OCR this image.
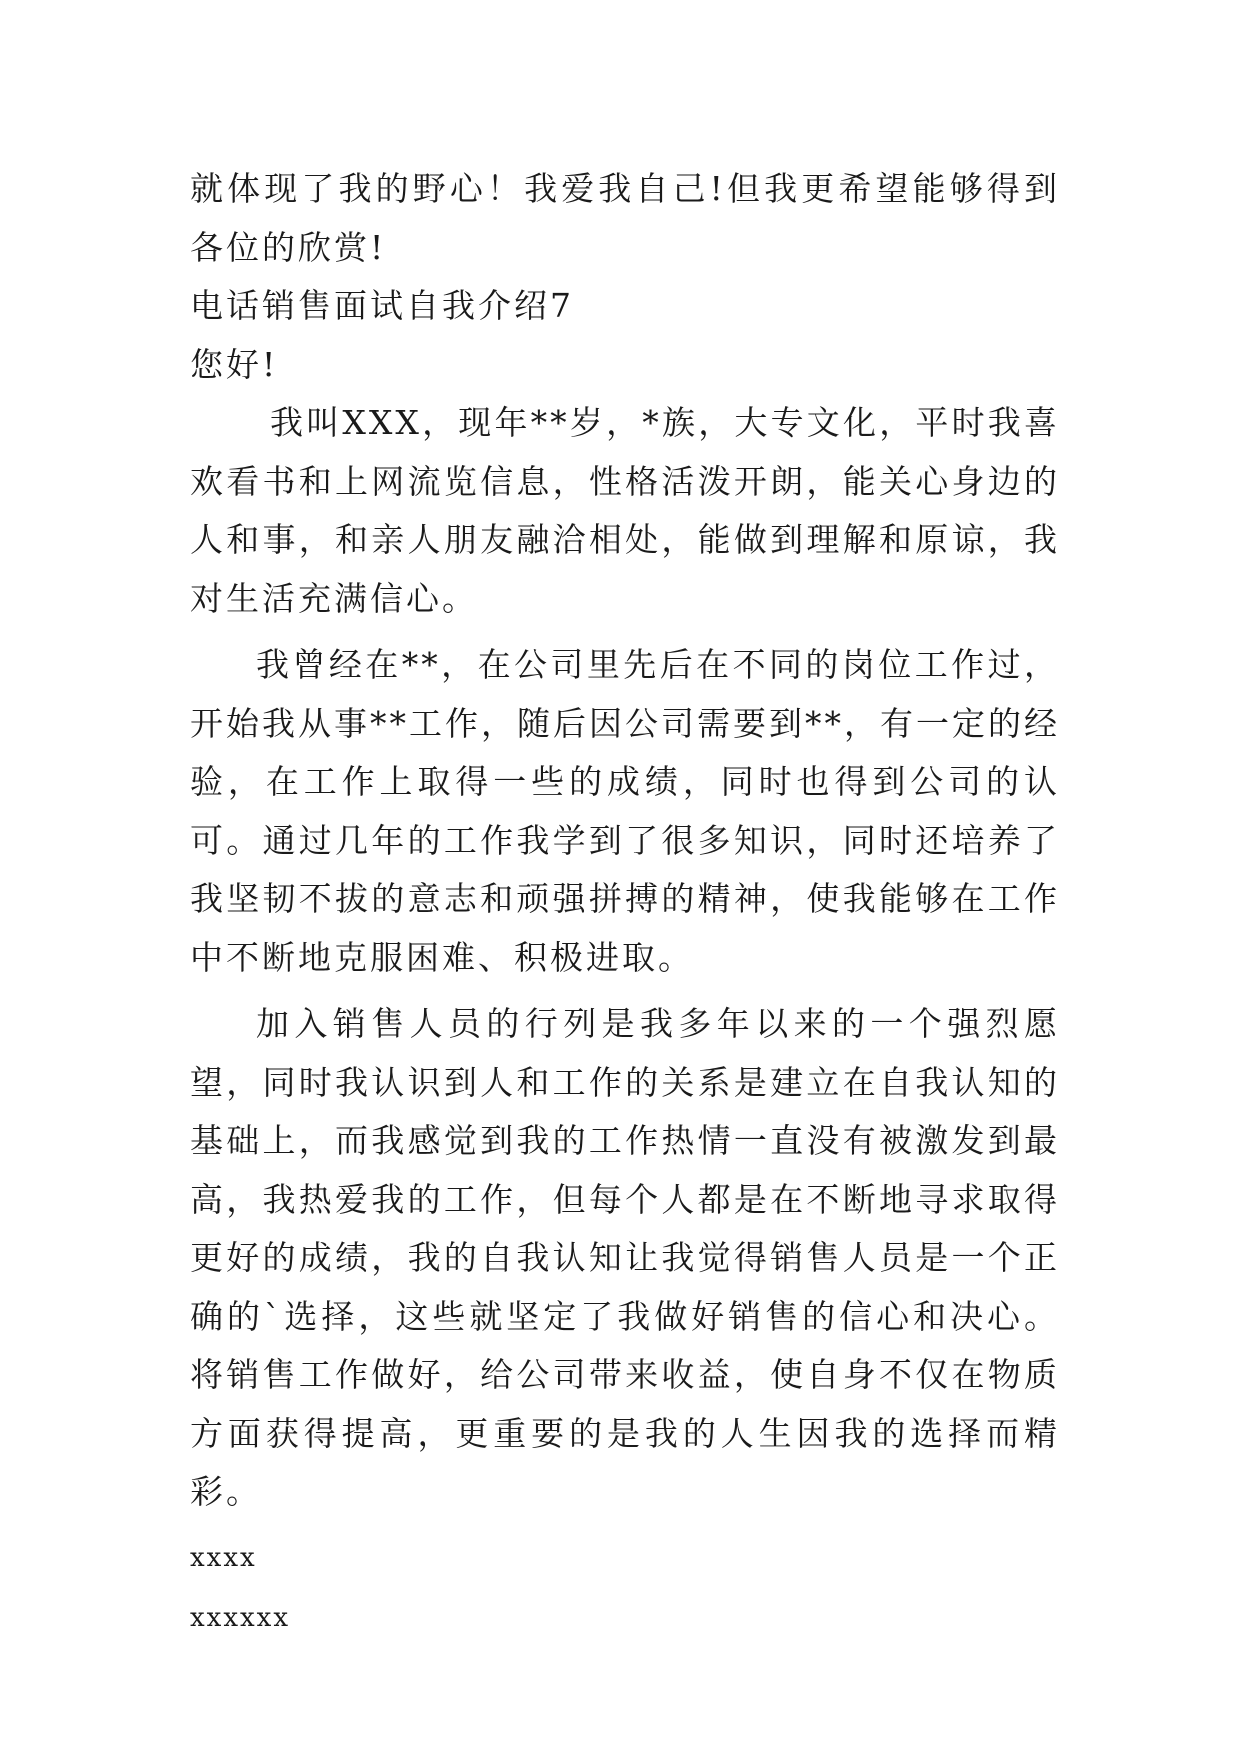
就体现了我的野心！我爱我自己!但我更希望能够得到各位的欣赏!

电话销售面试自我介绍7

您好!

我叫XXX，现年**岁，*族，大专文化，平时我喜欢看书和上网流览信息，性格活泼开朗，能关心身边的人和事，和亲人朋友融洽相处，能做到理解和原谅，我对生活充满信心。

我曾经在**，在公司里先后在不同的岗位工作过，开始我从事**工作，随后因公司需要到**，有一定的经验，在工作上取得一些的成绩，同时也得到公司的认可。通过几年的工作我学到了很多知识，同时还培养了我坚韧不拔的意志和顽强拼搏的精神，使我能够在工作中不断地克服困难、积极进取。

加入销售人员的行列是我多年以来的一个强烈愿望，同时我认识到人和工作的关系是建立在自我认知的基础上，而我感觉到我的工作热情一直没有被激发到最高，我热爱我的工作，但每个人都是在不断地寻求取得更好的成绩，我的自我认知让我觉得销售人员是一个正确的`选择，这些就坚定了我做好销售的信心和决心。将销售工作做好，给公司带来收益，使自身不仅在物质方面获得提高，更重要的是我的人生因我的选择而精彩。

xxxx

xxxxxx
